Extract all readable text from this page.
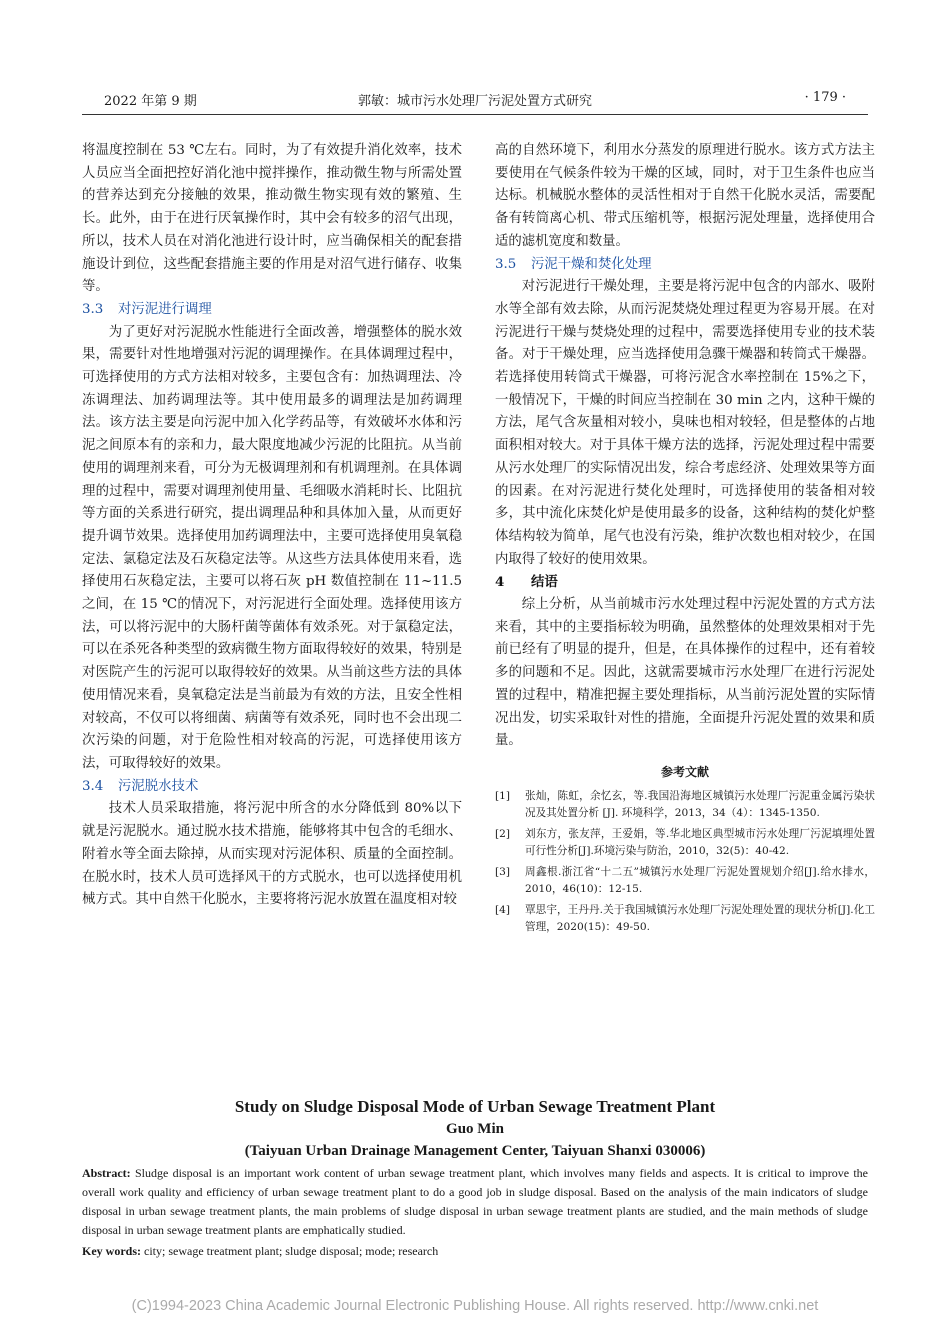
2022 年第 9 期	郭敏：城市污水处理厂污泥处置方式研究	· 179 ·

将温度控制在 53 ℃左右。同时，为了有效提升消化效率，技术人员应当全面把控好消化池中搅拌操作，推动微生物与所需处置的营养达到充分接触的效果，推动微生物实现有效的繁殖、生长。此外，由于在进行厌氧操作时，其中会有较多的沼气出现，所以，技术人员在对消化池进行设计时，应当确保相关的配套措施设计到位，这些配套措施主要的作用是对沼气进行储存、收集等。

3.3 对污泥进行调理

为了更好对污泥脱水性能进行全面改善，增强整体的脱水效果，需要针对性地增强对污泥的调理操作。在具体调理过程中，可选择使用的方式方法相对较多，主要包含有：加热调理法、冷冻调理法、加药调理法等。其中使用最多的调理法是加药调理法。该方法主要是向污泥中加入化学药品等，有效破坏水体和污泥之间原本有的亲和力，最大限度地减少污泥的比阻抗。从当前使用的调理剂来看，可分为无极调理剂和有机调理剂。在具体调理的过程中，需要对调理剂使用量、毛细吸水消耗时长、比阻抗等方面的关系进行研究，提出调理品种和具体加入量，从而更好提升调节效果。选择使用加药调理法中，主要可选择使用臭氧稳定法、氯稳定法及石灰稳定法等。从这些方法具体使用来看，选择使用石灰稳定法，主要可以将石灰 pH 数值控制在 11~11.5 之间，在 15 ℃的情况下，对污泥进行全面处理。选择使用该方法，可以将污泥中的大肠杆菌等菌体有效杀死。对于氯稳定法，可以在杀死各种类型的致病微生物方面取得较好的效果，特别是对医院产生的污泥可以取得较好的效果。从当前这些方法的具体使用情况来看，臭氧稳定法是当前最为有效的方法，且安全性相对较高，不仅可以将细菌、病菌等有效杀死，同时也不会出现二次污染的问题，对于危险性相对较高的污泥，可选择使用该方法，可取得较好的效果。

3.4 污泥脱水技术

技术人员采取措施，将污泥中所含的水分降低到 80%以下就是污泥脱水。通过脱水技术措施，能够将其中包含的毛细水、附着水等全面去除掉，从而实现对污泥体积、质量的全面控制。在脱水时，技术人员可选择风干的方式脱水，也可以选择使用机械方式。其中自然干化脱水，主要将将污泥水放置在温度相对较

高的自然环境下，利用水分蒸发的原理进行脱水。该方式方法主要使用在气候条件较为干燥的区域，同时，对于卫生条件也应当达标。机械脱水整体的灵活性相对于自然干化脱水灵活，需要配备有转筒离心机、带式压缩机等，根据污泥处理量，选择使用合适的滤机宽度和数量。

3.5 污泥干燥和焚化处理

对污泥进行干燥处理，主要是将污泥中包含的内部水、吸附水等全部有效去除，从而污泥焚烧处理过程更为容易开展。在对污泥进行干燥与焚烧处理的过程中，需要选择使用专业的技术装备。对于干燥处理，应当选择使用急骤干燥器和转筒式干燥器。若选择使用转筒式干燥器，可将污泥含水率控制在 15%之下，一般情况下，干燥的时间应当控制在 30 min 之内，这种干燥的方法，尾气含灰量相对较小，臭味也相对较轻，但是整体的占地面积相对较大。对于具体干燥方法的选择，污泥处理过程中需要从污水处理厂的实际情况出发，综合考虑经济、处理效果等方面的因素。在对污泥进行焚化处理时，可选择使用的装备相对较多，其中流化床焚化炉是使用最多的设备，这种结构的焚化炉整体结构较为简单，尾气也没有污染，维护次数也相对较少，在国内取得了较好的使用效果。

4 结语

综上分析，从当前城市污水处理过程中污泥处置的方式方法来看，其中的主要指标较为明确，虽然整体的处理效果相对于先前已经有了明显的提升，但是，在具体操作的过程中，还有着较多的问题和不足。因此，这就需要城市污水处理厂在进行污泥处置的过程中，精准把握主要处理指标，从当前污泥处置的实际情况出发，切实采取针对性的措施，全面提升污泥处置的效果和质量。

参考文献
[1]	张灿，陈虹，余忆玄，等.我国沿海地区城镇污水处理厂污泥重金属污染状况及其处置分析 [J]. 环境科学，2013，34（4）：1345-1350.
[2]	刘东方，张友萍，王爱娟，等.华北地区典型城市污水处理厂污泥填埋处置可行性分析[J].环境污染与防治，2010，32(5)：40-42.
[3]	周鑫根.浙江省“十二五”城镇污水处理厂污泥处置规划介绍[J].给水排水，2010，46(10)：12-15.
[4]	覃思宇，王丹丹.关于我国城镇污水处理厂污泥处理处置的现状分析[J].化工管理，2020(15)：49-50.
Study on Sludge Disposal Mode of Urban Sewage Treatment Plant
Guo Min
(Taiyuan Urban Drainage Management Center, Taiyuan Shanxi 030006)
Abstract: Sludge disposal is an important work content of urban sewage treatment plant, which involves many fields and aspects. It is critical to improve the overall work quality and efficiency of urban sewage treatment plant to do a good job in sludge disposal. Based on the analysis of the main indicators of sludge disposal in urban sewage treatment plants, the main problems of sludge disposal in urban sewage treatment plants are studied, and the main methods of sludge disposal in urban sewage treatment plants are emphatically studied.
Key words: city; sewage treatment plant; sludge disposal; mode; research
(C)1994-2023 China Academic Journal Electronic Publishing House. All rights reserved. http://www.cnki.net
